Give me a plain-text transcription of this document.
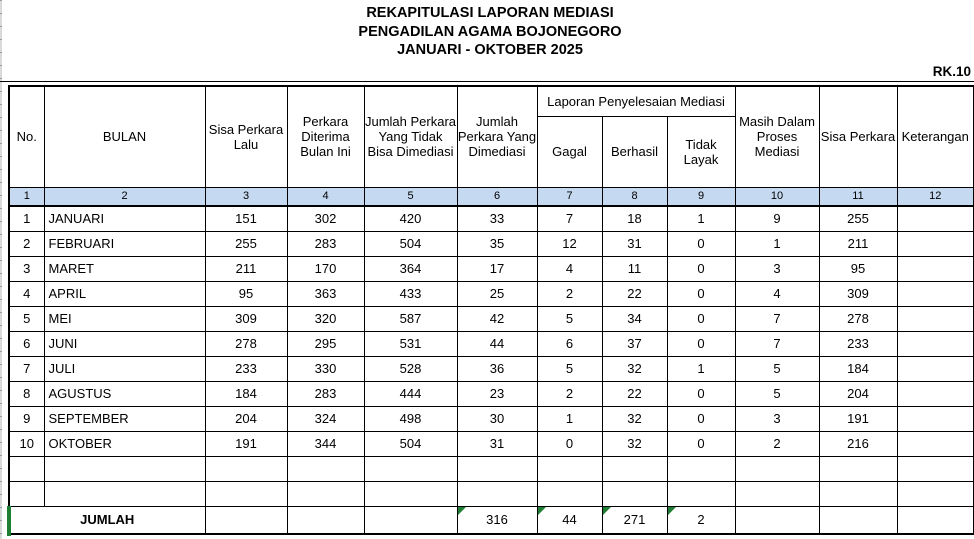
REKAPITULASI LAPORAN MEDIASI
PENGADILAN AGAMA BOJONEGORO
JANUARI - OKTOBER 2025
RK.10
No.	BULAN	Sisa Perkara Lalu	Perkara Diterima Bulan Ini	Jumlah Perkara Yang Tidak Bisa Dimediasi	Jumlah Perkara Yang Dimediasi	Laporan Penyelesaian Mediasi			Masih Dalam Proses Mediasi	Sisa Perkara	Keterangan
						Gagal	Berhasil	Tidak Layak			
1	2	3	4	5	6	7	8	9	10	11	12
1	JANUARI	151	302	420	33	7	18	1	9	255	
2	FEBRUARI	255	283	504	35	12	31	0	1	211	
3	MARET	211	170	364	17	4	11	0	3	95	
4	APRIL	95	363	433	25	2	22	0	4	309	
5	MEI	309	320	587	42	5	34	0	7	278	
6	JUNI	278	295	531	44	6	37	0	7	233	
7	JULI	233	330	528	36	5	32	1	5	184	
8	AGUSTUS	184	283	444	23	2	22	0	5	204	
9	SEPTEMBER	204	324	498	30	1	32	0	3	191	
10	OKTOBER	191	344	504	31	0	32	0	2	216	

JUMLAH					316	44	271	2			
